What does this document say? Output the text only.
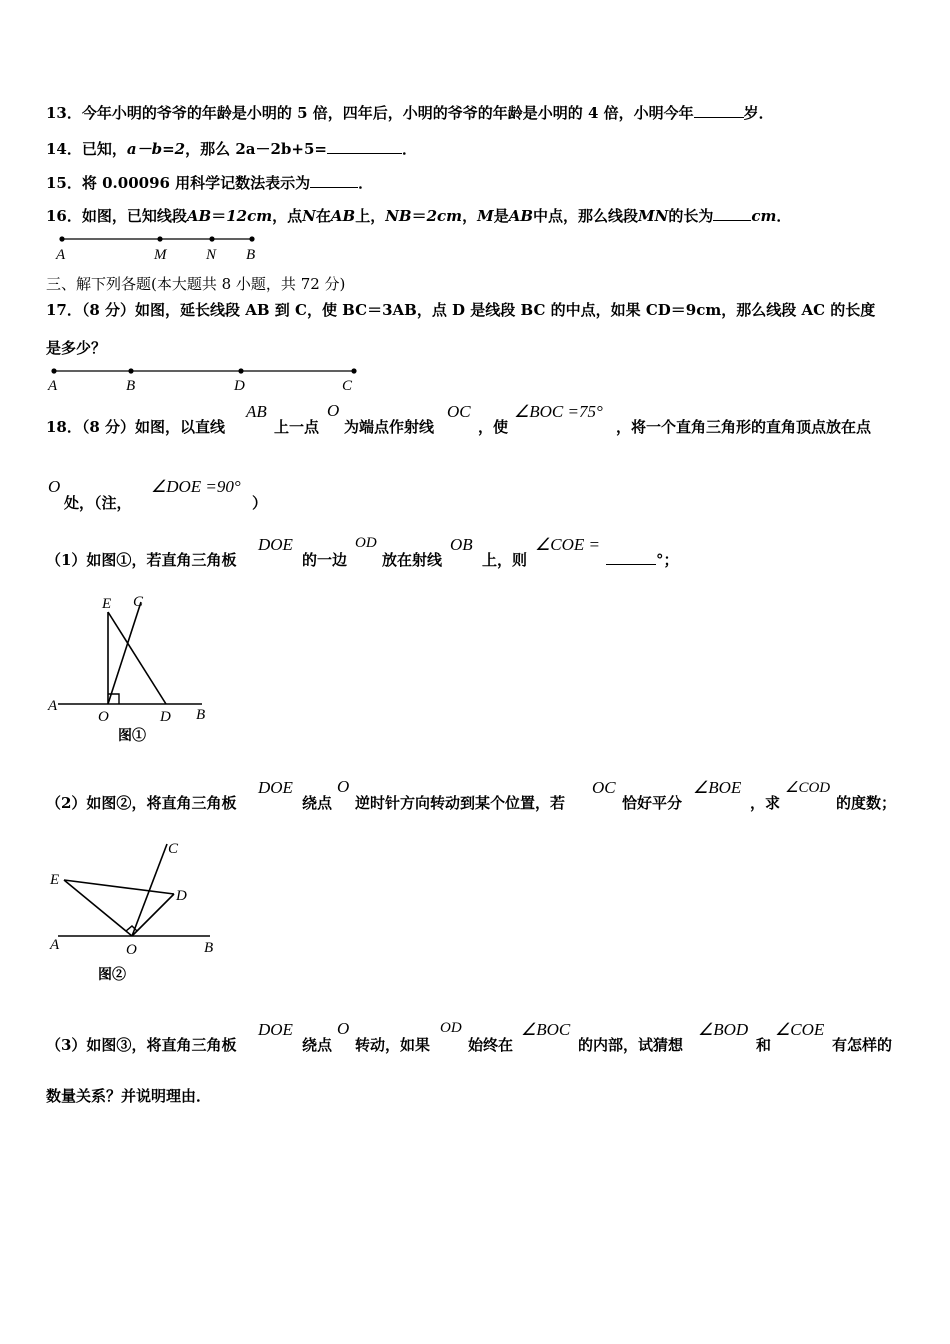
13．今年小明的爷爷的年龄是小明的 5 倍，四年后，小明的爷爷的年龄是小明的 4 倍，小明今年	岁．
14．已知，a－b=2，那么 2a－2b+5=	．
15．将 0.00096 用科学记数法表示为	．
16．如图，已知线段AB＝12cm，点N在AB上，NB＝2cm，M是AB中点，那么线段MN的长为	cm．
A	M	N B
三、解下列各题(本大题共 8 小题，共 72 分)
17．（8 分）如图，延长线段 AB 到 C，使 BC＝3AB，点 D 是线段 BC 的中点，如果 CD＝9cm，那么线段 AC 的长度
是多少？
A	B	D	C
18．（8 分）如图，以直线
AB
上一点
O
为端点作射线
OC
，使
∠BOC =75°
，将一个直角三角形的直角顶点放在点
O
处，（注，
∠DOE =90°
）
（1）如图①，若直角三角板
DOE
的一边
OD
放在射线
OB
上，则
∠COE =
°；
E C
A
O	D B
图①
（2）如图②，将直角三角板
DOE
绕点
O
逆时针方向转动到某个位置，若
OC
恰好平分
∠BOE
，求
∠COD
的度数；
C
E
D
A	O	B
图②
（3）如图③，将直角三角板
DOE
绕点
O
转动，如果
OD
始终在
∠BOC
的内部，试猜想
∠BOD
和
∠COE
有怎样的
数量关系？并说明理由．
